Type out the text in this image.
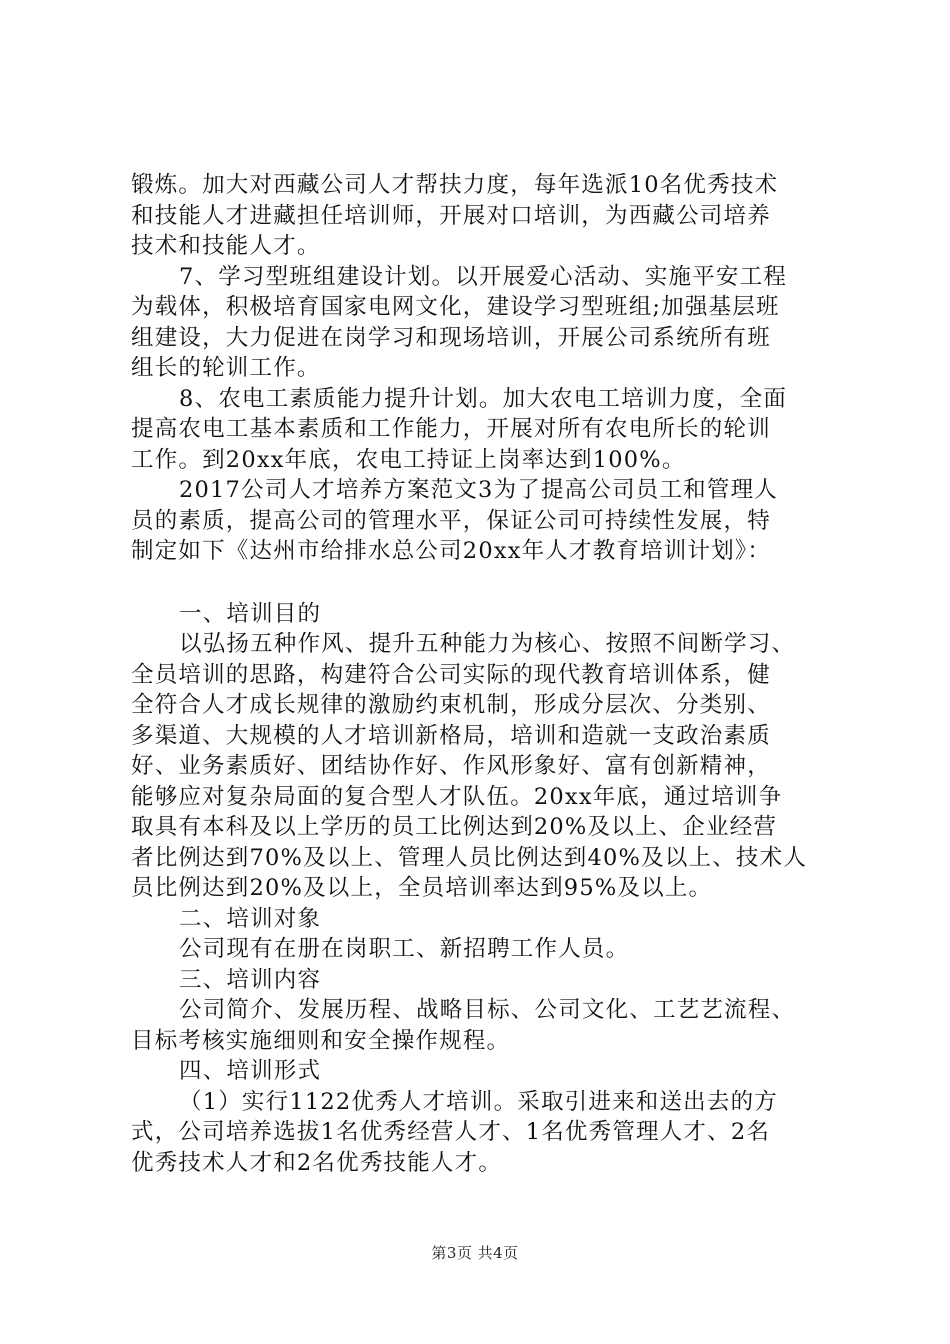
锻炼。加大对西藏公司人才帮扶力度，每年选派10名优秀技术

和技能人才进藏担任培训师，开展对口培训，为西藏公司培养

技术和技能人才。

7、学习型班组建设计划。以开展爱心活动、实施平安工程

为载体，积极培育国家电网文化，建设学习型班组;加强基层班

组建设，大力促进在岗学习和现场培训，开展公司系统所有班

组长的轮训工作。

8、农电工素质能力提升计划。加大农电工培训力度，全面

提高农电工基本素质和工作能力，开展对所有农电所长的轮训

工作。到20xx年底，农电工持证上岗率达到100%。

2017公司人才培养方案范文3为了提高公司员工和管理人

员的素质，提高公司的管理水平，保证公司可持续性发展，特

制定如下《达州市给排水总公司20xx年人才教育培训计划》：

一、培训目的

以弘扬五种作风、提升五种能力为核心、按照不间断学习、

全员培训的思路，构建符合公司实际的现代教育培训体系，健

全符合人才成长规律的激励约束机制，形成分层次、分类别、

多渠道、大规模的人才培训新格局，培训和造就一支政治素质

好、业务素质好、团结协作好、作风形象好、富有创新精神，

能够应对复杂局面的复合型人才队伍。20xx年底，通过培训争

取具有本科及以上学历的员工比例达到20%及以上、企业经营

者比例达到70%及以上、管理人员比例达到40%及以上、技术人

员比例达到20%及以上，全员培训率达到95%及以上。

二、培训对象

公司现有在册在岗职工、新招聘工作人员。

三、培训内容

公司简介、发展历程、战略目标、公司文化、工艺艺流程、

目标考核实施细则和安全操作规程。

四、培训形式

（1）实行1122优秀人才培训。采取引进来和送出去的方

式，公司培养选拔1名优秀经营人才、1名优秀管理人才、2名

优秀技术人才和2名优秀技能人才。

第3页 共4页
